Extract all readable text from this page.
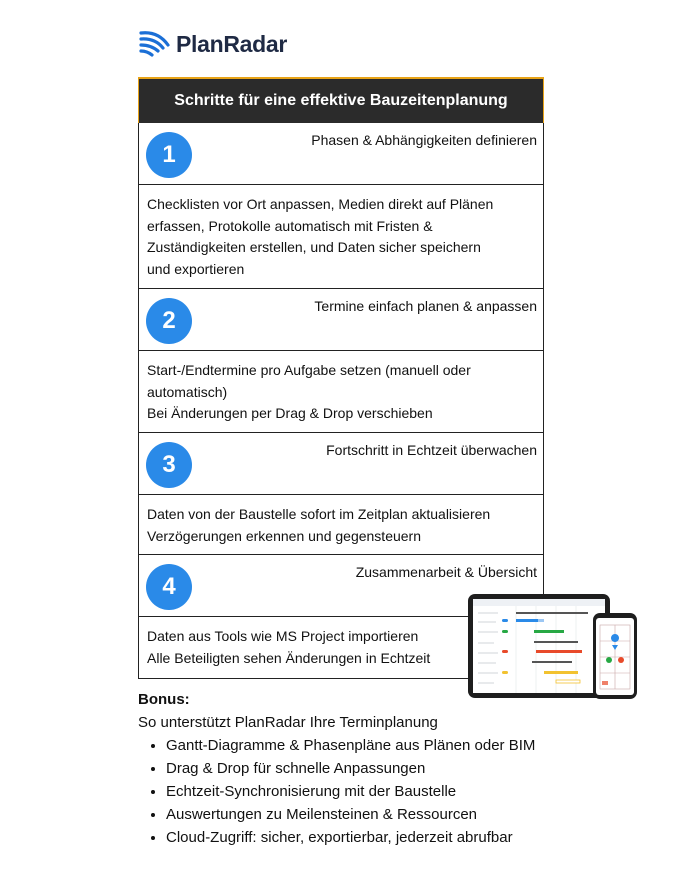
PlanRadar
Schritte für eine effektive Bauzeitenplanung
1
Phasen & Abhängigkeiten definieren
Checklisten vor Ort anpassen, Medien direkt auf Plänen
erfassen, Protokolle automatisch mit Fristen &
Zuständigkeiten erstellen, und Daten sicher speichern
und exportieren
2
Termine einfach planen & anpassen
Start-/Endtermine pro Aufgabe setzen (manuell oder
automatisch)
Bei Änderungen per Drag & Drop verschieben
3
Fortschritt in Echtzeit überwachen
Daten von der Baustelle sofort im Zeitplan aktualisieren
Verzögerungen erkennen und gegensteuern
4
Zusammenarbeit & Übersicht
Daten aus Tools wie MS Project importieren
Alle Beteiligten sehen Änderungen in Echtzeit
Bonus:
So unterstützt PlanRadar Ihre Terminplanung
• Gantt-Diagramme & Phasenpläne aus Plänen oder BIM
• Drag & Drop für schnelle Anpassungen
• Echtzeit-Synchronisierung mit der Baustelle
• Auswertungen zu Meilensteinen & Ressourcen
• Cloud-Zugriff: sicher, exportierbar, jederzeit abrufbar
